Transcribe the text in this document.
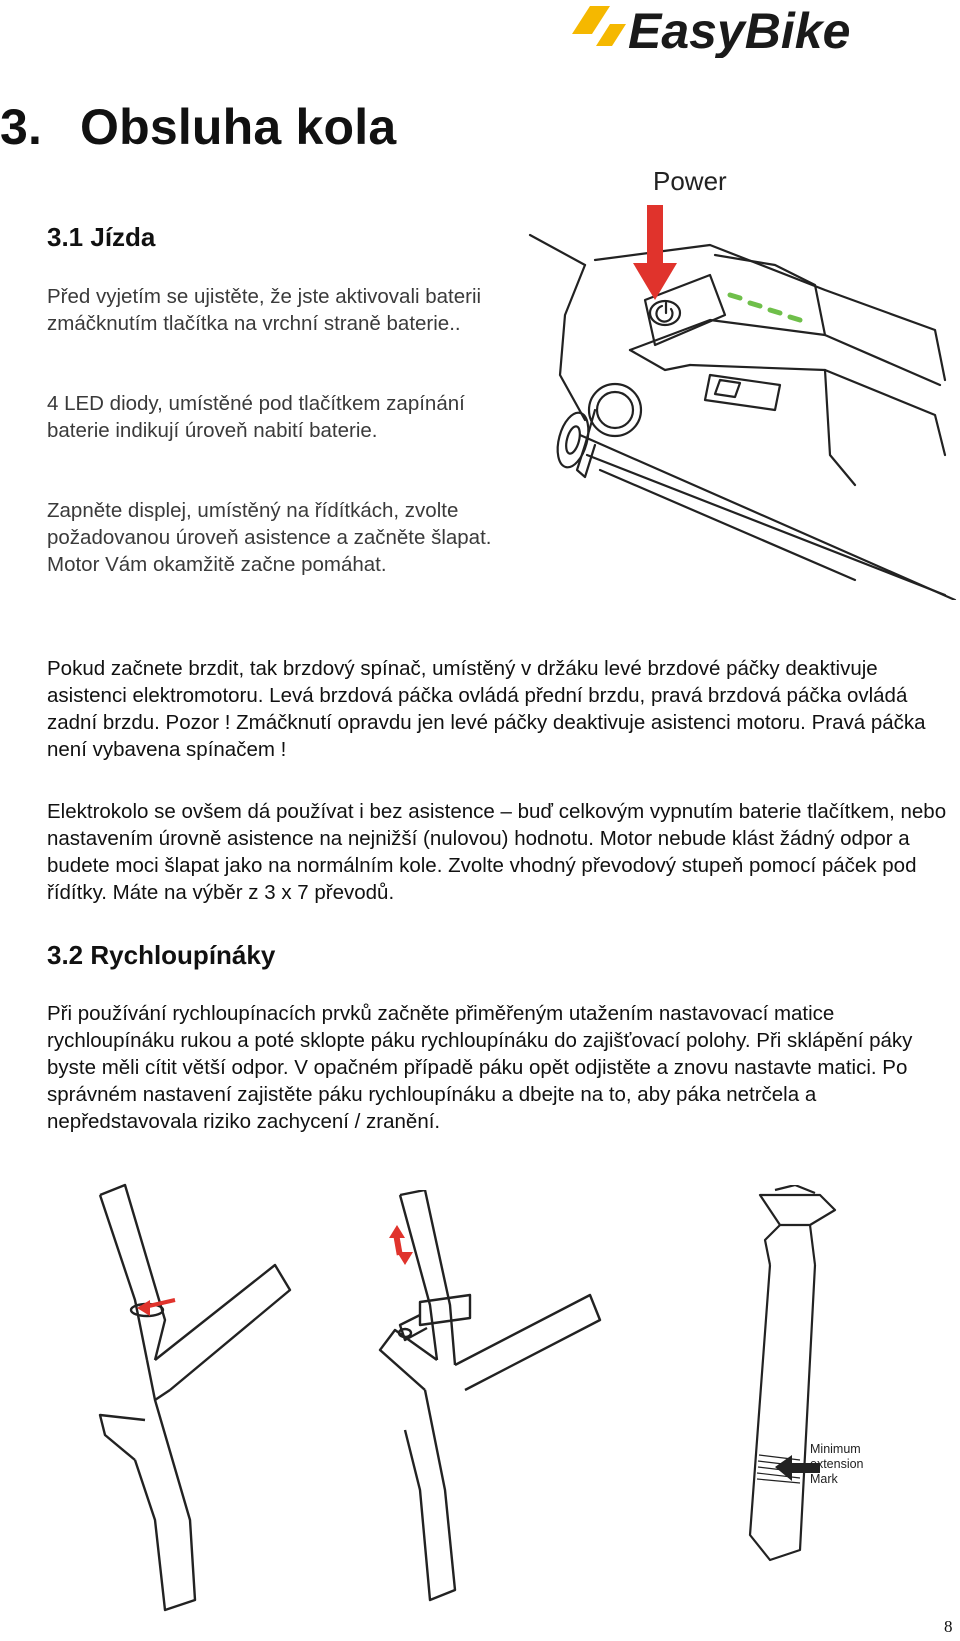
EasyBike
3. Obsluha kola
3.1 Jízda

Před vyjetím se ujistěte, že jste aktivovali baterii zmáčknutím tlačítka na vrchní straně baterie..

4 LED diody, umístěné pod tlačítkem zapínání baterie indikují úroveň nabití baterie.

Zapněte displej, umístěný na řídítkách, zvolte požadovanou úroveň asistence a začněte šlapat. Motor Vám okamžitě začne pomáhat.

Pokud začnete brzdit, tak brzdový spínač, umístěný v držáku levé brzdové páčky deaktivuje asistenci elektromotoru. Levá brzdová páčka ovládá přední brzdu, pravá brzdová páčka ovládá zadní brzdu. Pozor ! Zmáčknutí opravdu jen levé páčky deaktivuje asistenci motoru. Pravá páčka není vybavena spínačem !

Elektrokolo se ovšem dá používat i bez asistence – buď celkovým vypnutím baterie tlačítkem, nebo nastavením úrovně asistence na nejnižší (nulovou) hodnotu. Motor nebude klást žádný odpor a budete moci šlapat jako na normálním kole. Zvolte vhodný převodový stupeň pomocí páček pod řídítky. Máte na výběr z 3 x 7 převodů.

3.2 Rychloupínáky

Při používání rychloupínacích prvků začněte přiměřeným utažením nastavovací matice rychloupínáku rukou a poté sklopte páku rychloupínáku do zajišťovací polohy. Při sklápění páky byste měli cítit větší odpor. V opačném případě páku opět odjistěte a znovu nastavte matici. Po správném nastavení zajistěte páku rychloupínáku a dbejte na to, aby páka netrčela a nepředstavovala riziko zachycení / zranění.

Power
Minimum
extension
Mark
8
